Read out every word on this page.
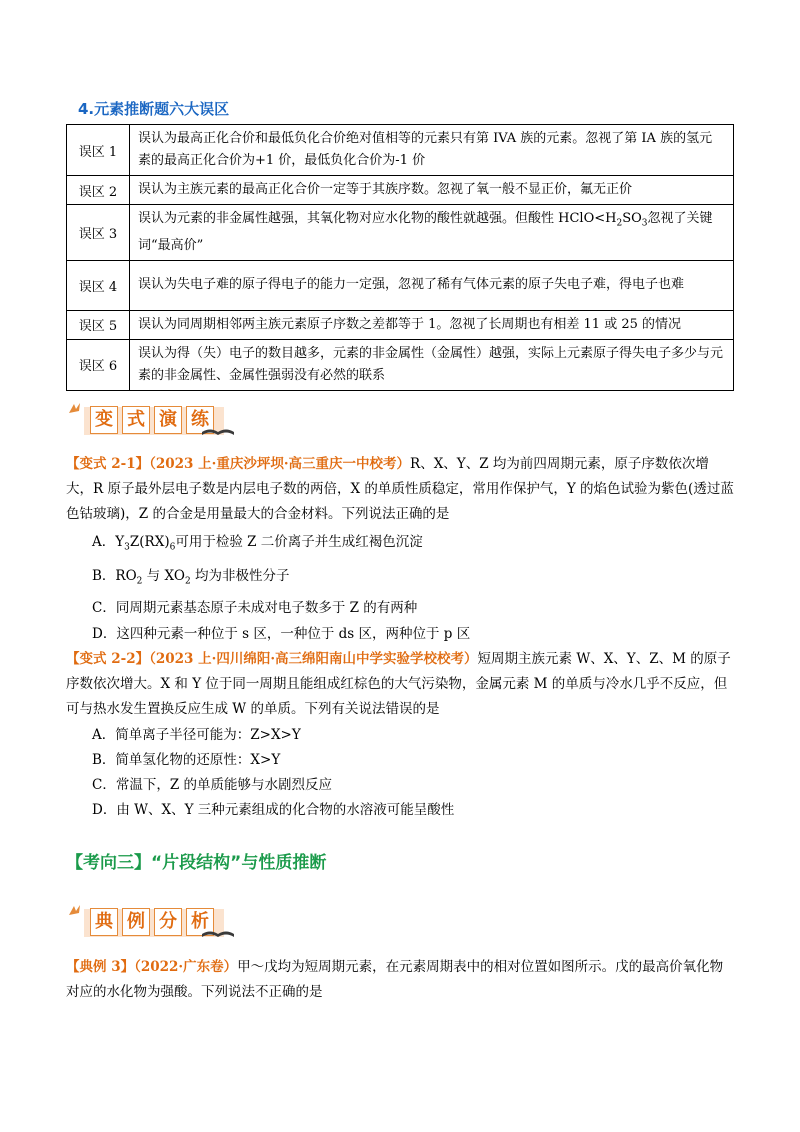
4.元素推断题六大误区
误区 1	误认为最高正化合价和最低负化合价绝对值相等的元素只有第 IVA 族的元素。忽视了第 IA 族的氢元素的最高正化合价为+1 价，最低负化合价为-1 价
误区 2	误认为主族元素的最高正化合价一定等于其族序数。忽视了氧一般不显正价，氟无正价
误区 3	误认为元素的非金属性越强，其氧化物对应水化物的酸性就越强。但酸性 $HClO<H_2SO_3$忽视了关键词“最高价”
误区 4	误认为失电子难的原子得电子的能力一定强，忽视了稀有气体元素的原子失电子难，得电子也难
误区 5	误认为同周期相邻两主族元素原子序数之差都等于 1。忽视了长周期也有相差 11 或 25 的情况
误区 6	误认为得（失）电子的数目越多，元素的非金属性（金属性）越强，实际上元素原子得失电子多少与元素的非金属性、金属性强弱没有必然的联系
变 式 演 练
【变式 2-1】（2023 上·重庆沙坪坝·高三重庆一中校考）R、X、Y、Z 均为前四周期元素，原子序数依次增大，R 原子最外层电子数是内层电子数的两倍，X 的单质性质稳定，常用作保护气，Y 的焰色试验为紫色(透过蓝色钴玻璃)，Z 的合金是用量最大的合金材料。下列说法正确的是
A．$Y_3Z(RX)_6$可用于检验 Z 二价离子并生成红褐色沉淀
B．$RO_2$ 与 $XO_2$ 均为非极性分子
C．同周期元素基态原子未成对电子数多于 Z 的有两种
D．这四种元素一种位于 s 区，一种位于 ds 区，两种位于 p 区
【变式 2-2】（2023 上·四川绵阳·高三绵阳南山中学实验学校校考）短周期主族元素 W、X、Y、Z、M 的原子序数依次增大。X 和 Y 位于同一周期且能组成红棕色的大气污染物，金属元素 M 的单质与冷水几乎不反应，但可与热水发生置换反应生成 W 的单质。下列有关说法错误的是
A．简单离子半径可能为：Z>X>Y
B．简单氢化物的还原性：X>Y
C．常温下，Z 的单质能够与水剧烈反应
D．由 W、X、Y 三种元素组成的化合物的水溶液可能呈酸性
【考向三】“片段结构”与性质推断
典 例 分 析
【典例 3】（2022·广东卷）甲～戊均为短周期元素，在元素周期表中的相对位置如图所示。戊的最高价氧化物对应的水化物为强酸。下列说法不正确的是
